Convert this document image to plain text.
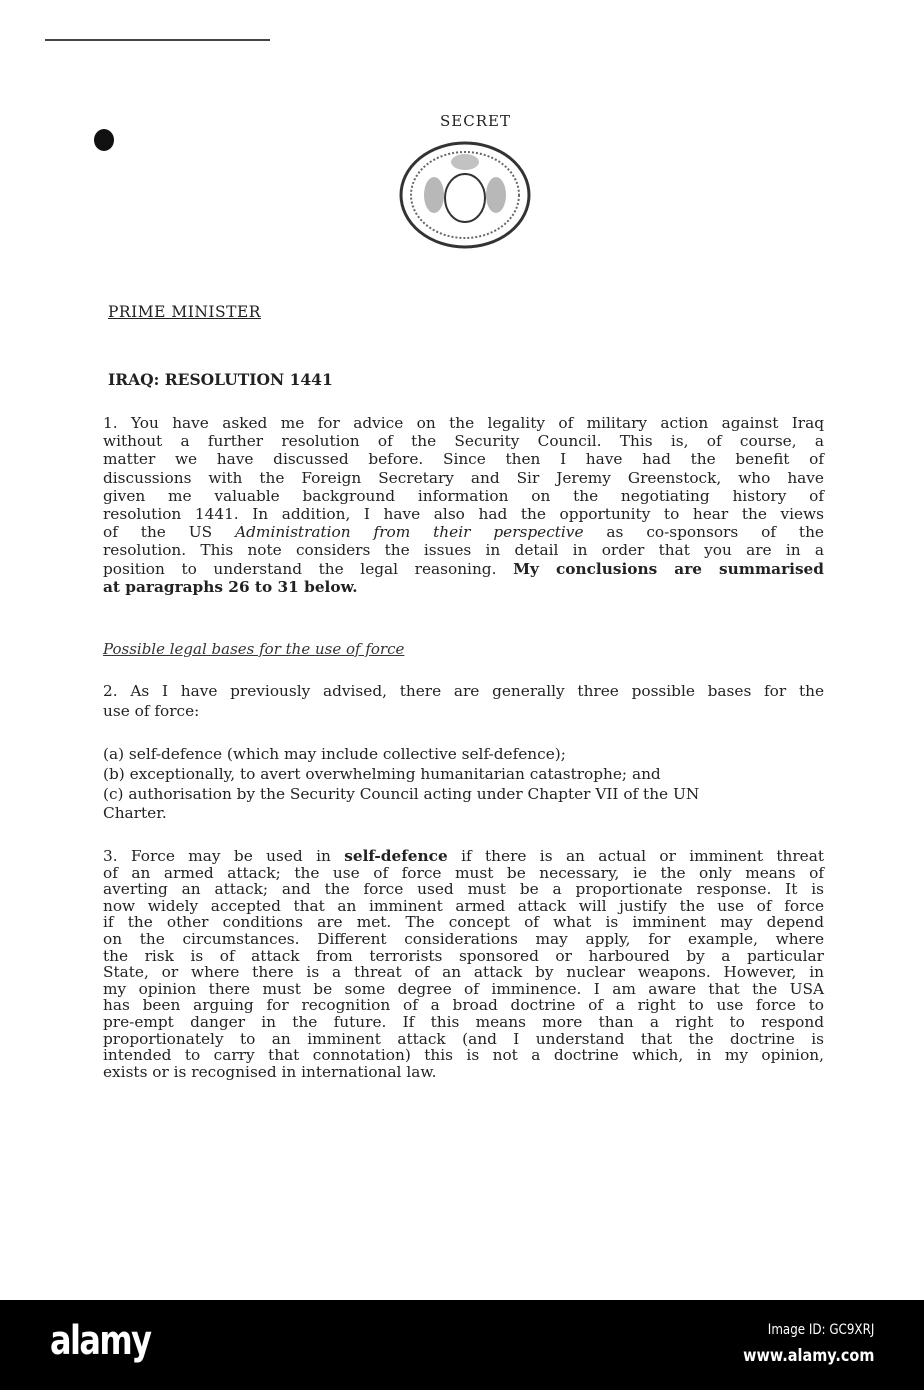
SECRET
PRIME MINISTER
IRAQ: RESOLUTION 1441
1. You have asked me for advice on the legality of military action against Iraq
without a further resolution of the Security Council. This is, of course, a
matter we have discussed before. Since then I have had the benefit of
discussions with the Foreign Secretary and Sir Jeremy Greenstock, who have
given me valuable background information on the negotiating history of
resolution 1441. In addition, I have also had the opportunity to hear the views
of the US Administration from their perspective as co-sponsors of the
resolution. This note considers the issues in detail in order that you are in a
position to understand the legal reasoning. My conclusions are summarised
at paragraphs 26 to 31 below.
Possible legal bases for the use of force
2. As I have previously advised, there are generally three possible bases for the
use of force:
(a) self-defence (which may include collective self-defence);
(b) exceptionally, to avert overwhelming humanitarian catastrophe; and
(c) authorisation by the Security Council acting under Chapter VII of the UN
Charter.
3. Force may be used in self-defence if there is an actual or imminent threat
of an armed attack; the use of force must be necessary, ie the only means of
averting an attack; and the force used must be a proportionate response. It is
now widely accepted that an imminent armed attack will justify the use of force
if the other conditions are met. The concept of what is imminent may depend
on the circumstances. Different considerations may apply, for example, where
the risk is of attack from terrorists sponsored or harboured by a particular
State, or where there is a threat of an attack by nuclear weapons. However, in
my opinion there must be some degree of imminence. I am aware that the USA
has been arguing for recognition of a broad doctrine of a right to use force to
pre-empt danger in the future. If this means more than a right to respond
proportionately to an imminent attack (and I understand that the doctrine is
intended to carry that connotation) this is not a doctrine which, in my opinion,
exists or is recognised in international law.
alamy	Image ID: GC9XRJ
www.alamy.com
